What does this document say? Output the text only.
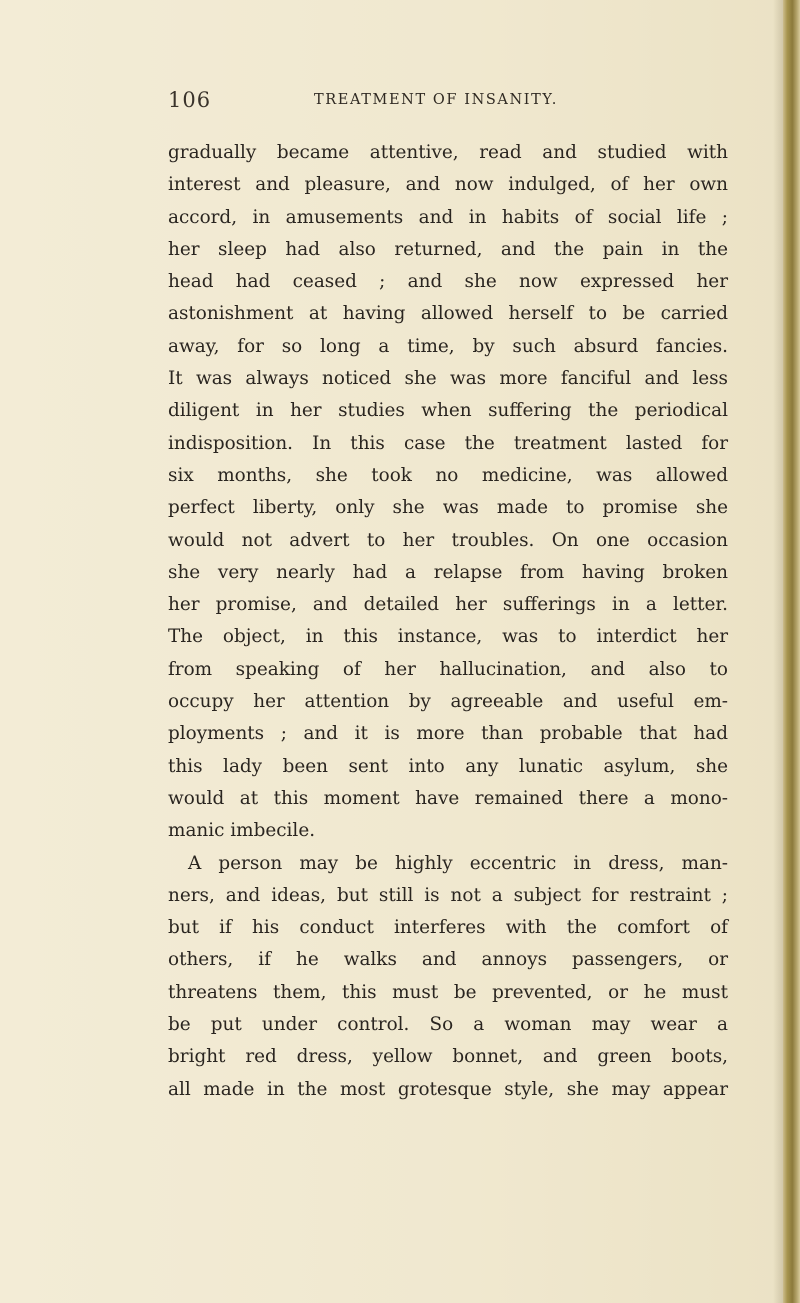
106	TREATMENT OF INSANITY.
gradually became attentive, read and studied with
interest and pleasure, and now indulged, of her own
accord, in amusements and in habits of social life ;
her sleep had also returned, and the pain in the
head had ceased ; and she now expressed her
astonishment at having allowed herself to be carried
away, for so long a time, by such absurd fancies.
It was always noticed she was more fanciful and less
diligent in her studies when suffering the periodical
indisposition. In this case the treatment lasted for
six months, she took no medicine, was allowed
perfect liberty, only she was made to promise she
would not advert to her troubles. On one occasion
she very nearly had a relapse from having broken
her promise, and detailed her sufferings in a letter.
The object, in this instance, was to interdict her
from speaking of her hallucination, and also to
occupy her attention by agreeable and useful em-
ployments ; and it is more than probable that had
this lady been sent into any lunatic asylum, she
would at this moment have remained there a mono-
manic imbecile.
A person may be highly eccentric in dress, man-
ners, and ideas, but still is not a subject for restraint ;
but if his conduct interferes with the comfort of
others, if he walks and annoys passengers, or
threatens them, this must be prevented, or he must
be put under control. So a woman may wear a
bright red dress, yellow bonnet, and green boots,
all made in the most grotesque style, she may appear
